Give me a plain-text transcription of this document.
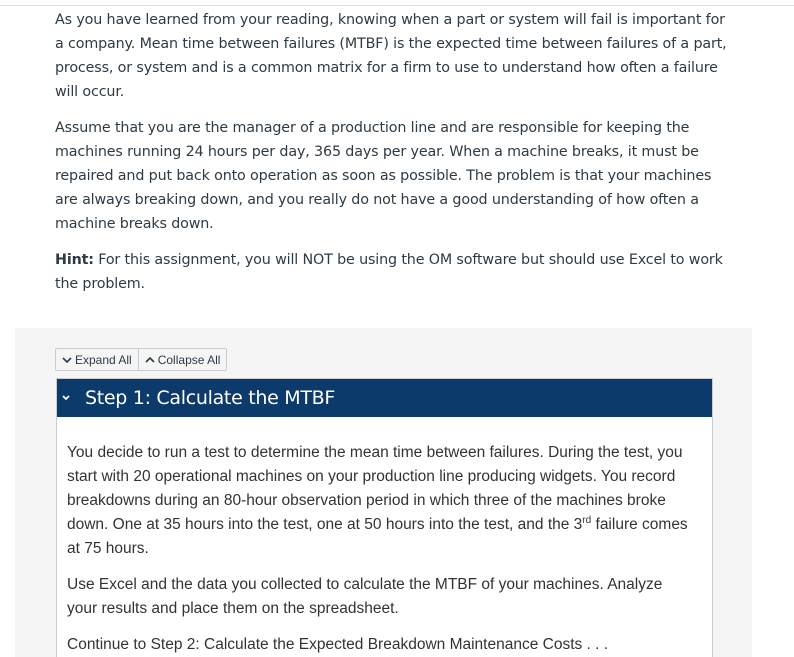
As you have learned from your reading, knowing when a part or system will fail is important for a company. Mean time between failures (MTBF) is the expected time between failures of a part, process, or system and is a common matrix for a firm to use to understand how often a failure will occur.

Assume that you are the manager of a production line and are responsible for keeping the machines running 24 hours per day, 365 days per year. When a machine breaks, it must be repaired and put back onto operation as soon as possible. The problem is that your machines are always breaking down, and you really do not have a good understanding of how often a machine breaks down.

Hint: For this assignment, you will NOT be using the OM software but should use Excel to work the problem.

Expand All Collapse All
Step 1: Calculate the MTBF

You decide to run a test to determine the mean time between failures. During the test, you start with 20 operational machines on your production line producing widgets. You record breakdowns during an 80-hour observation period in which three of the machines broke down. One at 35 hours into the test, one at 50 hours into the test, and the 3rd failure comes at 75 hours.

Use Excel and the data you collected to calculate the MTBF of your machines. Analyze your results and place them on the spreadsheet.

Continue to Step 2: Calculate the Expected Breakdown Maintenance Costs . . .
